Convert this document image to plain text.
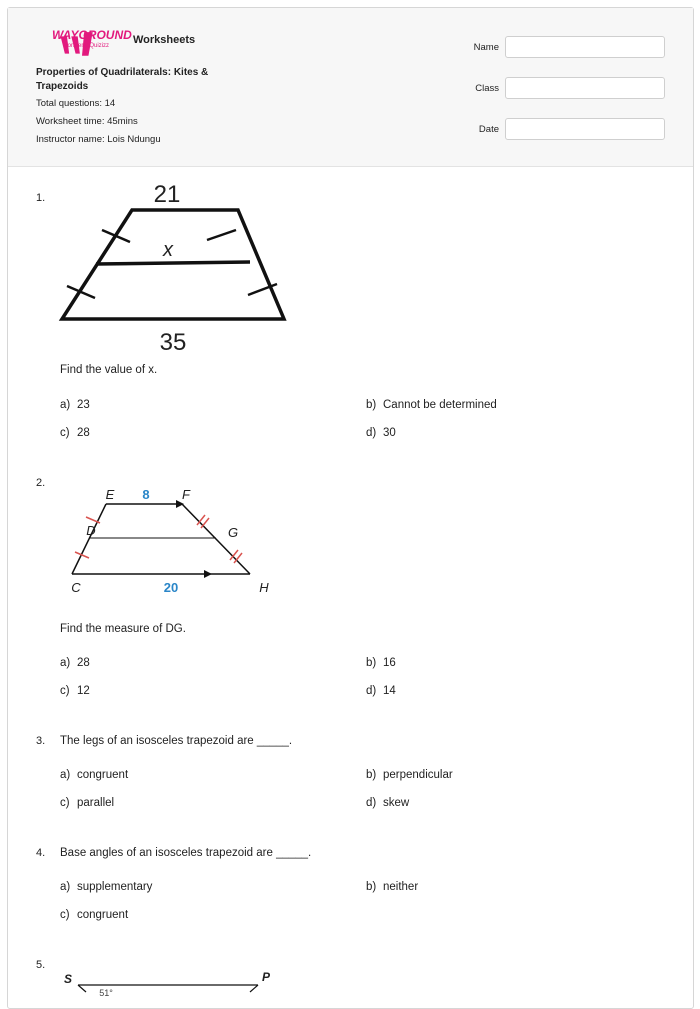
WAYGROUND
formerly Quizizz Worksheets
Properties of Quadrilaterals: Kites & Trapezoids
Total questions: 14
Worksheet time: 45mins
Instructor name: Lois Ndungu
Name
Class
Date
1.	21
x
35
Find the value of x.
a) 23	b) Cannot be determined
c) 28	d) 30
2.
E 8 F
D	G
C	20	H
Find the measure of DG.
a) 28	b) 16
c) 12	d) 14
3. The legs of an isosceles trapezoid are _____.
a) congruent	b) perpendicular
c) parallel	d) skew
4. Base angles of an isosceles trapezoid are _____.
a) supplementary	b) neither
c) congruent
5.
S	P
51°
